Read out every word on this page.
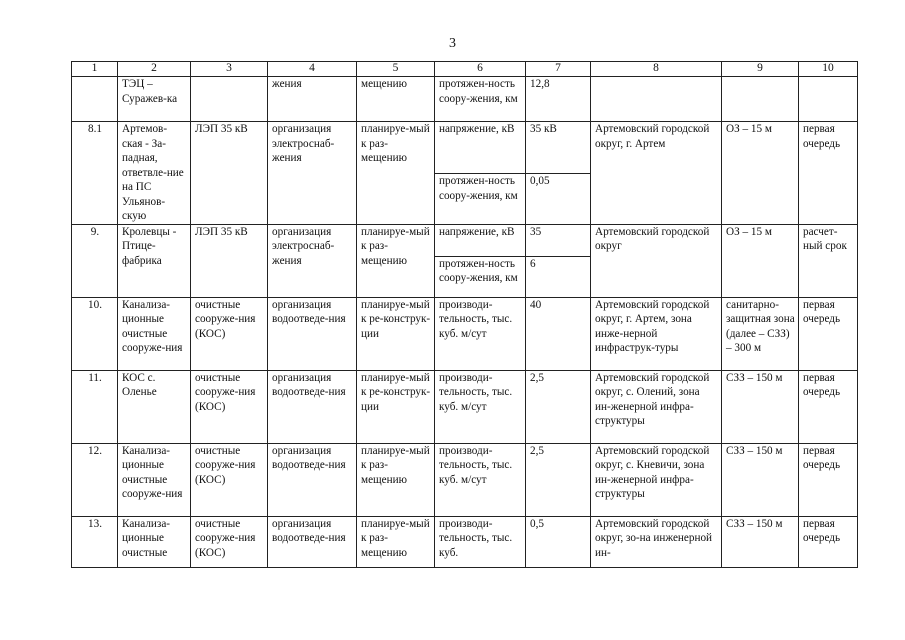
3
1	2	3	4	5	6	7	8	9	10
	ТЭЦ – Суражев-ка		жения	мещению	протяжен-ность соору-жения, км	12,8			
8.1	Артемов-ская - За-падная, ответвле-ние на ПС Ульянов-скую	ЛЭП 35 кВ	организация электроснаб-жения	планируе-мый к раз-мещению	напряжение, кВ	35 кВ	Артемовский городской округ, г. Артем	ОЗ – 15 м	первая очередь
					протяжен-ность соору-жения, км	0,05			
9.	Кролевцы - Птице-фабрика	ЛЭП 35 кВ	организация электроснаб-жения	планируе-мый к раз-мещению	напряжение, кВ	35	Артемовский городской округ	ОЗ – 15 м	расчет-ный срок
					протяжен-ность соору-жения, км	6			
10.	Канализа-ционные очистные сооруже-ния	очистные сооруже-ния (КОС)	организация водоотведе-ния	планируе-мый к ре-конструк-ции	производи-тельность, тыс. куб. м/сут	40	Артемовский городской округ, г. Артем, зона инже-нерной инфраструк-туры	санитарно-защитная зона (далее – СЗЗ) – 300 м	первая очередь
11.	КОС с. Оленье	очистные сооруже-ния (КОС)	организация водоотведе-ния	планируе-мый к ре-конструк-ции	производи-тельность, тыс. куб. м/сут	2,5	Артемовский городской округ, с. Олений, зона ин-женерной инфра-структуры	СЗЗ – 150 м	первая очередь
12.	Канализа-ционные очистные сооруже-ния	очистные сооруже-ния (КОС)	организация водоотведе-ния	планируе-мый к раз-мещению	производи-тельность, тыс. куб. м/сут	2,5	Артемовский городской округ, с. Кневичи, зона ин-женерной инфра-структуры	СЗЗ – 150 м	первая очередь
13.	Канализа-ционные очистные	очистные сооруже-ния (КОС)	организация водоотведе-ния	планируе-мый к раз-мещению	производи-тельность, тыс. куб.	0,5	Артемовский городской округ, зо-на инженерной ин-	СЗЗ – 150 м	первая очередь
